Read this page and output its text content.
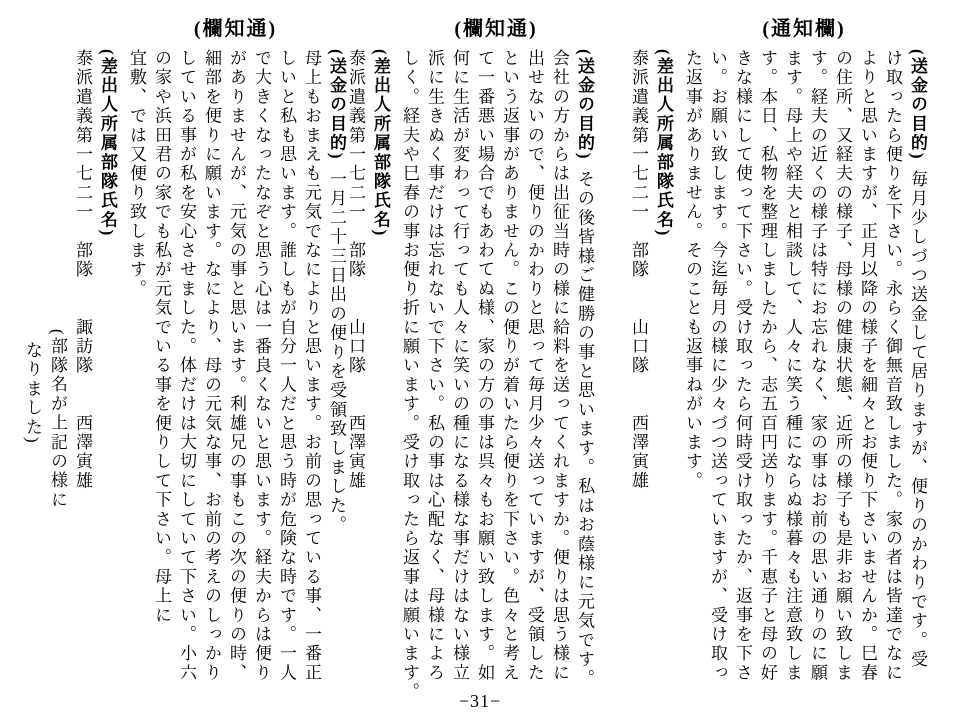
(通知欄)

(送金の目的)毎月少しづつ送金して居りますが、便りのかわりです。受

け取ったら便りを下さい。永らく御無音致しました。家の者は皆達でなに

よりと思いますが、正月以降の様子を細々とお便り下さいませんか。巳春

の住所、又経夫の様子、母様の健康状態、近所の様子も是非お願い致しま

す。経夫の近くの様子は特にお忘れなく、家の事はお前の思い通りのに願

ます。母上や経夫と相談して、人々に笑う種にならぬ様暮々も注意致しま

す。本日、私物を整理しましたから、志五百円送ります。千恵子と母の好

きな様にして使って下さい。受け取ったら何時受け取ったか、返事を下さ

い。お願い致します。今迄毎月の様に少々づつ送っていますが、受け取っ

た返事がありません。そのことも返事ねがいます。

(差出人所属部隊氏名)

泰派遣義第一七二一　部隊　　山口隊　　西澤寅雄

(欄知通)

(送金の目的)その後皆様ご健勝の事と思います。私はお蔭様に元気です。

会社の方からは出征当時の様に給料を送ってくれますか。便りは思う様に

出せないので、便りのかわりと思って毎月少々送っていますが、受領した

という返事がありません。この便りが着いたら便りを下さい。色々と考え

て一番悪い場合でもあわてぬ様、家の方の事は呉々もお願い致します。如

何に生活が変わって行っても人々に笑いの種になる様な事だけはない様立

派に生きぬく事だけは忘れないで下さい。私の事は心配なく、母様によろ

しく。経夫や巳春の事お便り折に願います。受け取ったら返事は願います。

(差出人所属部隊氏名)

泰派遣義第一七二一　部隊　　山口隊　　西澤寅雄

(欄知通)

(送金の目的)一月二十三日出の便りを受領致しました。

母上もおまえも元気でなによりと思います。お前の思っている事、一番正

しいと私も思います。誰しもが自分一人だと思う時が危険な時です。一人

で大きくなったなぞと思う心は一番良くないと思います。経夫からは便り

がありませんが、元気の事と思います。利雄兄の事もこの次の便りの時、

細部を便りに願います。なにより、母の元気な事、お前の考えのしっかり

している事が私を安心させました。体だけは大切にしていて下さい。小六

の家や浜田君の家でも私が元気でいる事を便りして下さい。母上に

宜敷、では又便り致します。

(差出人所属部隊氏名)

泰派遣義第一七二一　部隊　　諏訪隊　　西澤寅雄

(部隊名が上記の様に

なりました)

−31−
